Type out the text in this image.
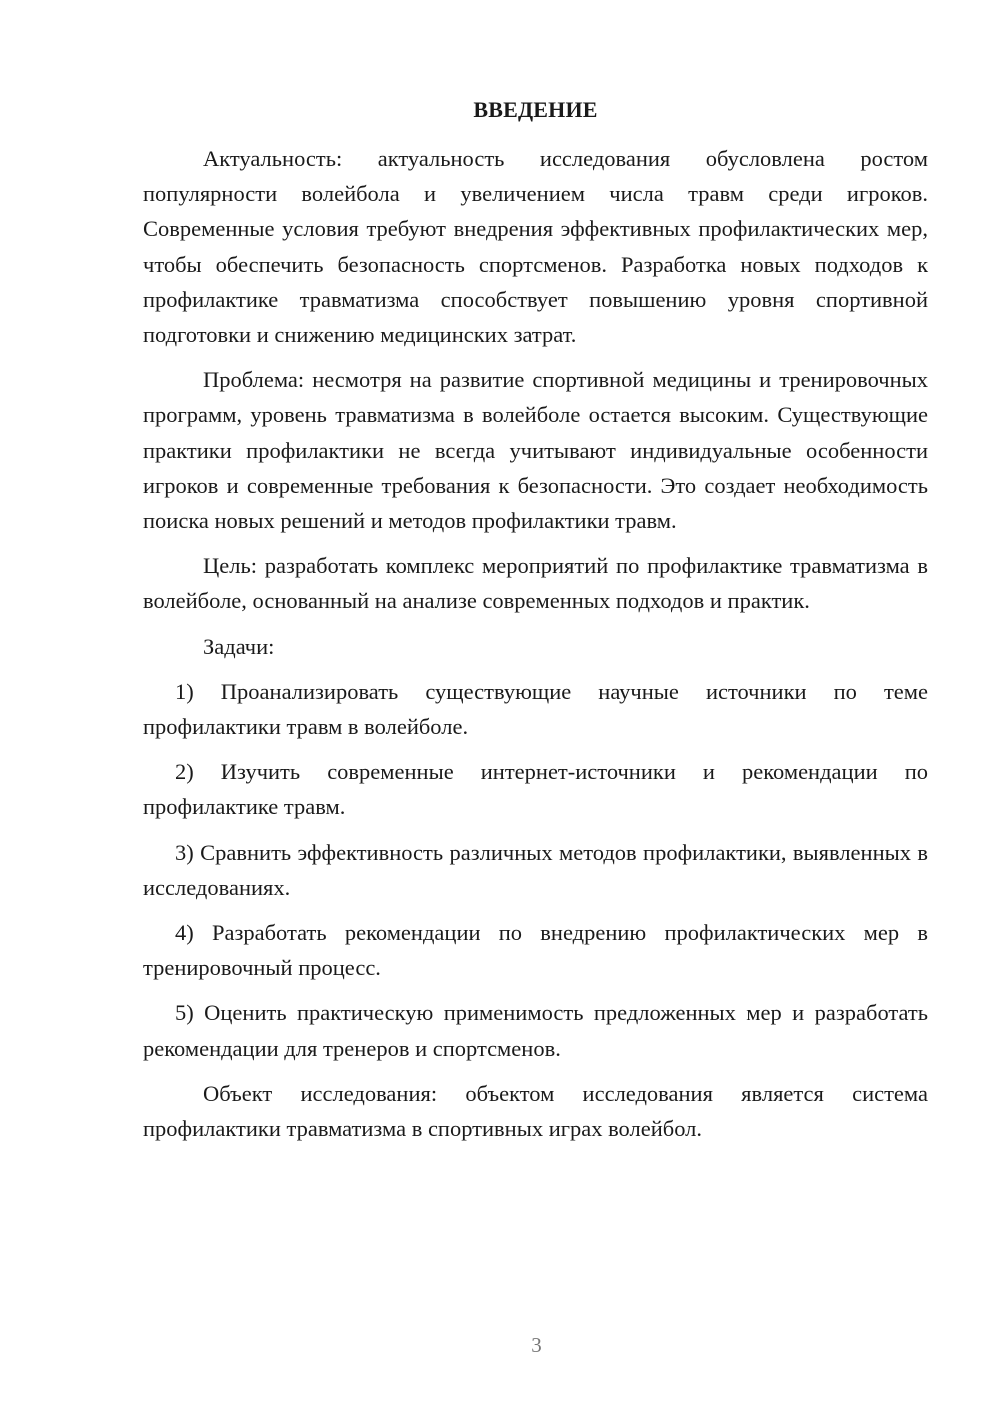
ВВЕДЕНИЕ
Актуальность: актуальность исследования обусловлена ростом популярности волейбола и увеличением числа травм среди игроков. Современные условия требуют внедрения эффективных профилактических мер, чтобы обеспечить безопасность спортсменов. Разработка новых подходов к профилактике травматизма способствует повышению уровня спортивной подготовки и снижению медицинских затрат.
Проблема: несмотря на развитие спортивной медицины и тренировочных программ, уровень травматизма в волейболе остается высоким. Существующие практики профилактики не всегда учитывают индивидуальные особенности игроков и современные требования к безопасности. Это создает необходимость поиска новых решений и методов профилактики травм.
Цель: разработать комплекс мероприятий по профилактике травматизма в волейболе, основанный на анализе современных подходов и практик.
Задачи:
1) Проанализировать существующие научные источники по теме профилактики травм в волейболе.
2) Изучить современные интернет-источники и рекомендации по профилактике травм.
3) Сравнить эффективность различных методов профилактики, выявленных в исследованиях.
4) Разработать рекомендации по внедрению профилактических мер в тренировочный процесс.
5) Оценить практическую применимость предложенных мер и разработать рекомендации для тренеров и спортсменов.
Объект исследования: объектом исследования является система профилактики травматизма в спортивных играх волейбол.
3
